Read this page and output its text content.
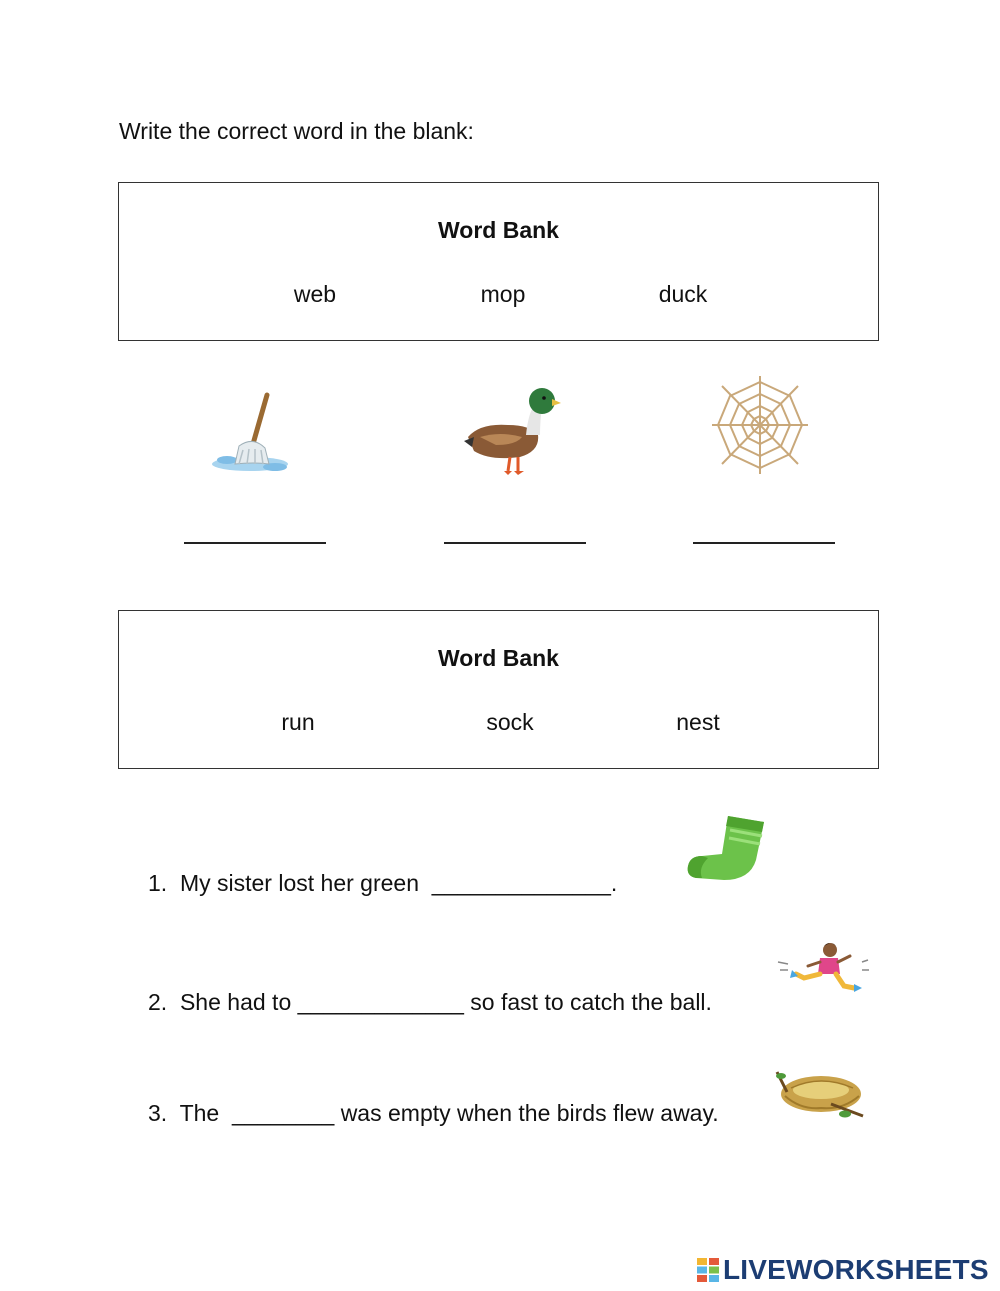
Write the correct word in the blank:
Word Bank
web	mop	duck
Word Bank
run	sock	nest
1. My sister lost her green  ______________.
2. She had to _____________ so fast to catch the ball.
3. The  ________ was empty when the birds flew away.
LIVEWORKSHEETS
